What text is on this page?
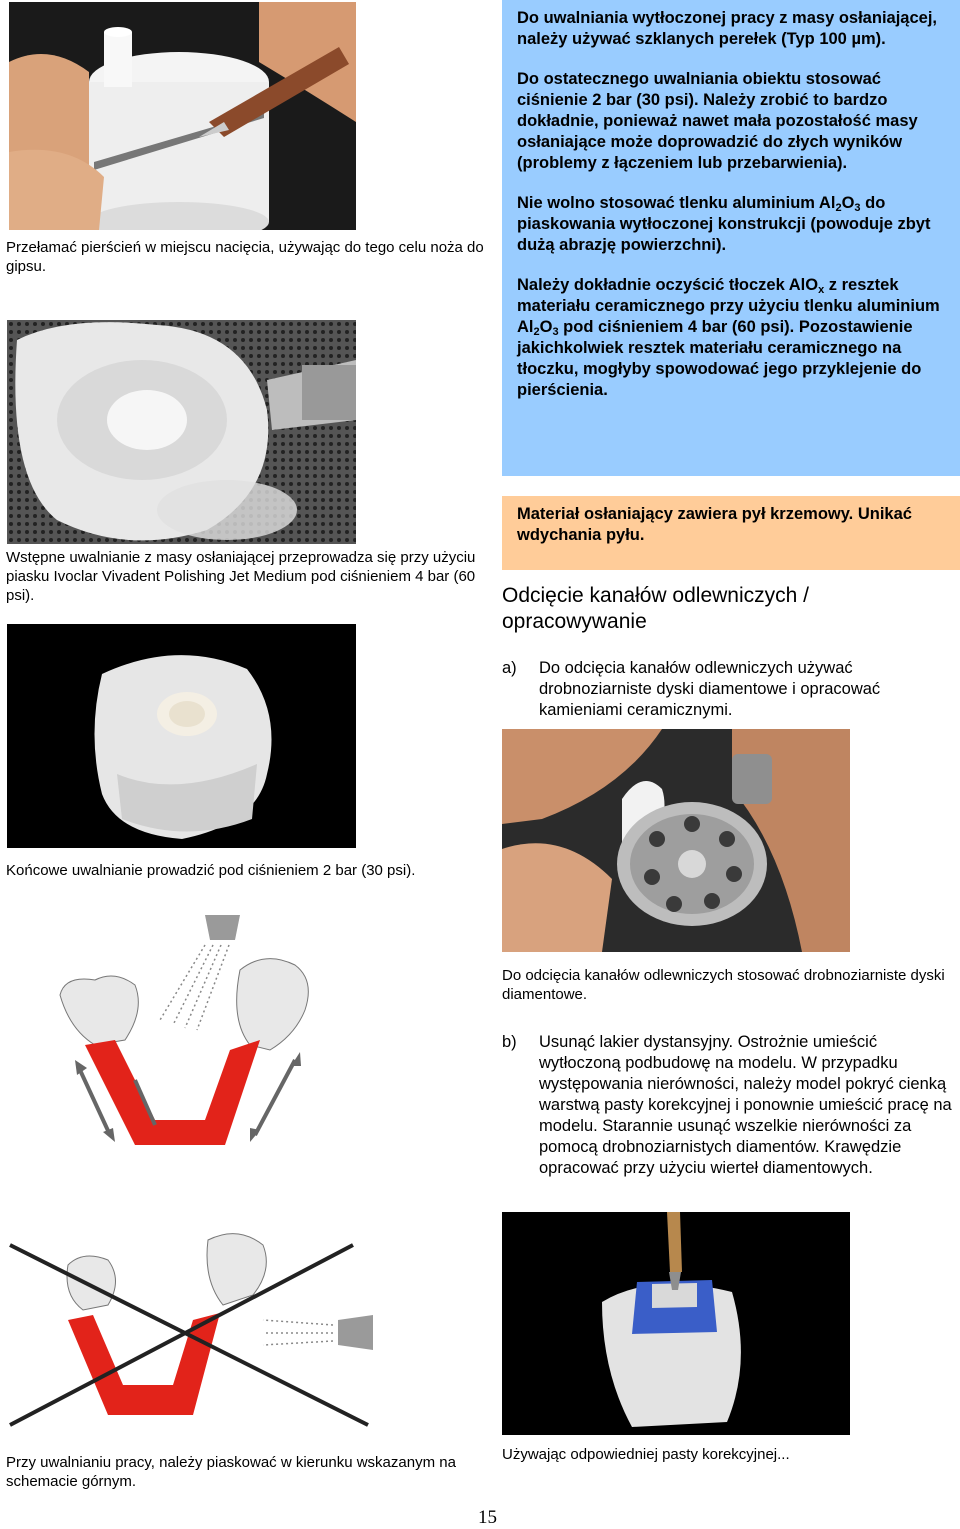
Przełamać pierścień w miejscu nacięcia, używając do tego celu noża do gipsu.
Wstępne uwalnianie z masy osłaniającej przeprowadza się przy użyciu piasku Ivoclar Vivadent Polishing Jet Medium pod ciśnieniem 4 bar (60 psi).
Końcowe uwalnianie prowadzić pod ciśnieniem 2 bar (30 psi).
Przy uwalnianiu pracy, należy piaskować w kierunku wskazanym na schemacie górnym.

Do uwalniania wytłoczonej pracy z masy osłaniającej, należy używać szklanych perełek (Typ 100 µm).

Do ostatecznego uwalniania obiektu stosować ciśnienie 2 bar (30 psi). Należy zrobić to bardzo dokładnie, ponieważ nawet mała pozostałość masy osłaniające może doprowadzić do złych wyników (problemy z łączeniem lub przebarwienia).

Nie wolno stosować tlenku aluminium $Al_2O_3$ do piaskowania wytłoczonej konstrukcji (powoduje zbyt dużą abrazję powierzchni).

Należy dokładnie oczyścić tłoczek AlO$_x$ z resztek materiału ceramicznego przy użyciu tlenku aluminium $Al_2O_3$ pod ciśnieniem 4 bar (60 psi). Pozostawienie jakichkolwiek resztek materiału ceramicznego na tłoczku, mogłyby spowodować jego przyklejenie do pierścienia.

Materiał osłaniający zawiera pył krzemowy. Unikać wdychania pyłu.
Odcięcie kanałów odlewniczych / opracowywanie
a) Do odcięcia kanałów odlewniczych używać drobnoziarniste dyski diamentowe i opracować kamieniami ceramicznymi.
Do odcięcia kanałów odlewniczych stosować drobnoziarniste dyski diamentowe.
b) Usunąć lakier dystansyjny. Ostrożnie umieścić wytłoczoną podbudowę na modelu. W przypadku występowania nierówności, należy model pokryć cienką warstwą pasty korekcyjnej i ponownie umieścić pracę na modelu. Starannie usunąć wszelkie nierówności za pomocą drobnoziarnistych diamentów. Krawędzie opracować przy użyciu wierteł diamentowych.
Używając odpowiedniej pasty korekcyjnej...
15
